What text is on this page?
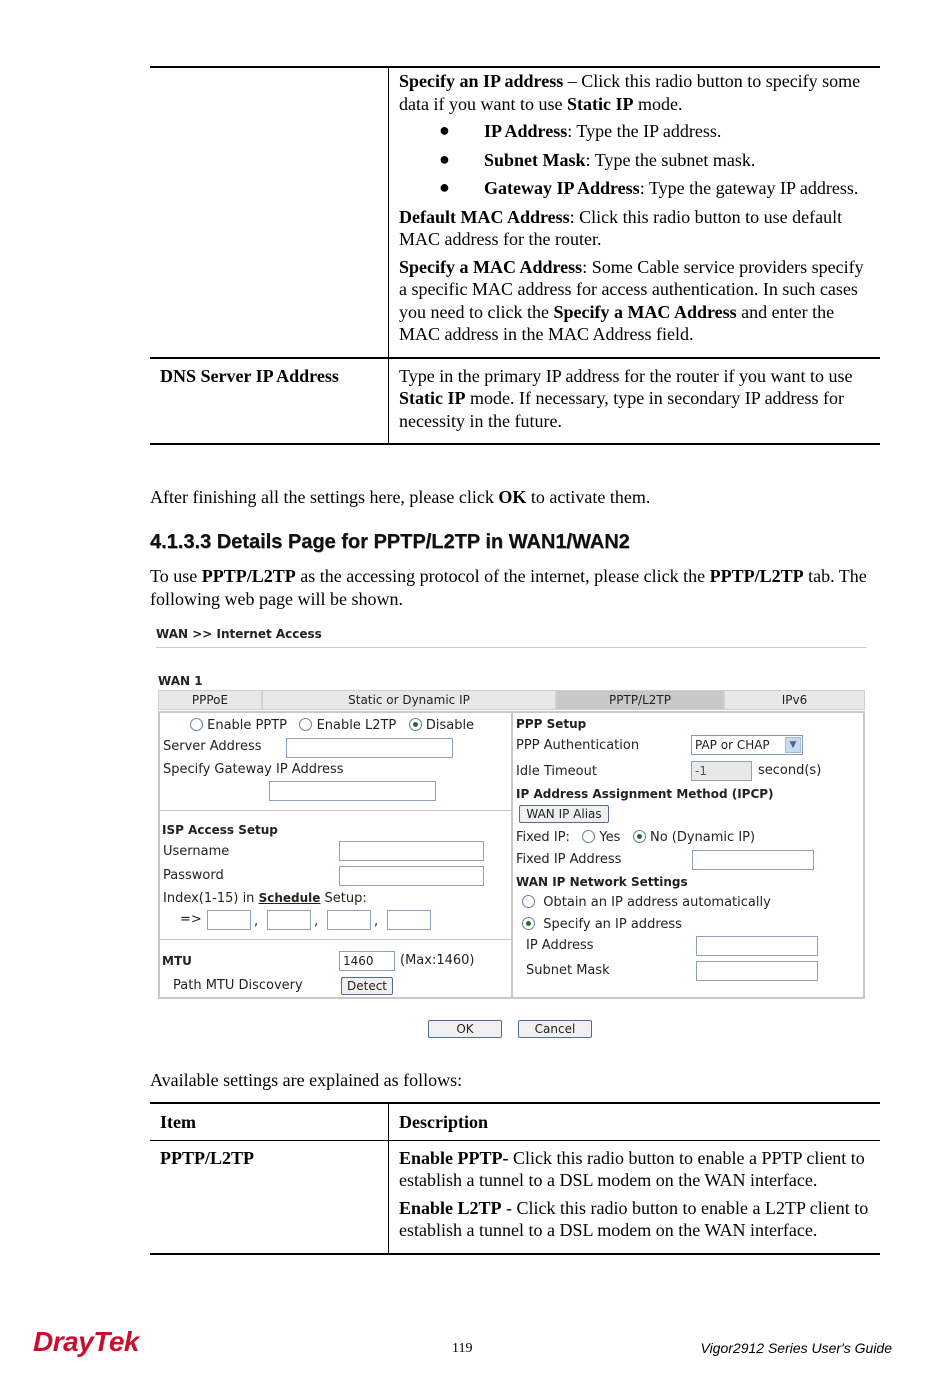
Specify an IP address – Click this radio button to specify some data if you want to use Static IP mode.

●	IP Address: Type the IP address.
●	Subnet Mask: Type the subnet mask.
●	Gateway IP Address: Type the gateway IP address.

Default MAC Address: Click this radio button to use default MAC address for the router.

Specify a MAC Address: Some Cable service providers specify a specific MAC address for access authentication. In such cases you need to click the Specify a MAC Address and enter the MAC address in the MAC Address field.

DNS Server IP Address	Type in the primary IP address for the router if you want to use Static IP mode. If necessary, type in secondary IP address for necessity in the future.

After finishing all the settings here, please click OK to activate them.
4.1.3.3 Details Page for PPTP/L2TP in WAN1/WAN2
To use PPTP/L2TP as the accessing protocol of the internet, please click the PPTP/L2TP tab. The following web page will be shown.
WAN >> Internet Access
WAN 1
PPPoE	Static or Dynamic IP	PPTP/L2TP	IPv6
Enable PPTP Enable L2TP Disable
Server Address
Specify Gateway IP Address
ISP Access Setup
Username
Password
Index(1-15) in Schedule Setup:
=>	,	,	,
MTU	1460	(Max:1460)
Path MTU Discovery	Detect
PPP Setup
PPP Authentication	PAP or CHAP	▼
Idle Timeout	-1	second(s)
IP Address Assignment Method (IPCP)
WAN IP Alias
Fixed IP: Yes No (Dynamic IP)
Fixed IP Address
WAN IP Network Settings
Obtain an IP address automatically
Specify an IP address
IP Address
Subnet Mask
OK	Cancel
Available settings are explained as follows:
Item	Description
PPTP/L2TP	Enable PPTP- Click this radio button to enable a PPTP client to establish a tunnel to a DSL modem on the WAN interface.

Enable L2TP - Click this radio button to enable a L2TP client to establish a tunnel to a DSL modem on the WAN interface.

DrayTek	119	Vigor2912 Series User's Guide
